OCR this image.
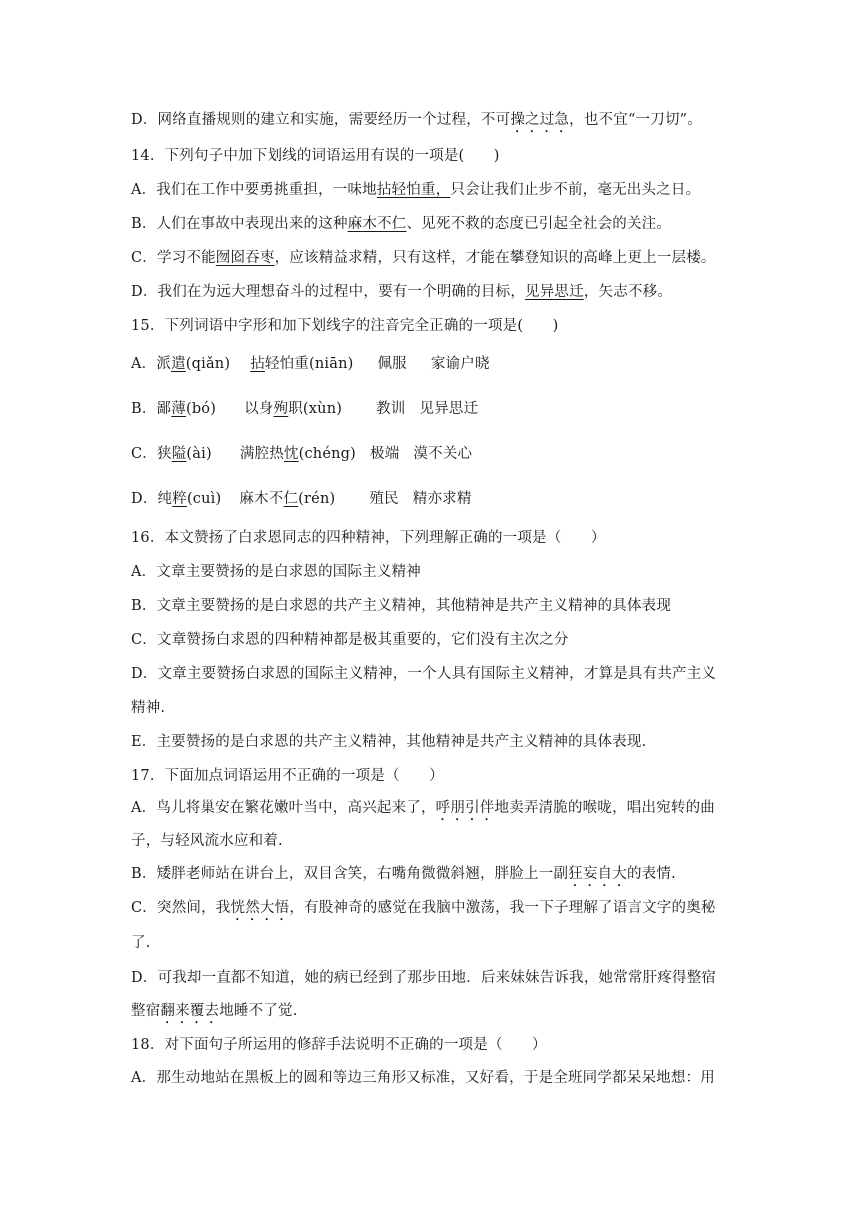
D．网络直播规则的建立和实施，需要经历一个过程，不可操之过急，也不宜“一刀切”。
14．下列句子中加下划线的词语运用有误的一项是(　　)
A．我们在工作中要勇挑重担，一味地拈轻怕重，只会让我们止步不前，毫无出头之日。
B．人们在事故中表现出来的这种麻木不仁、见死不救的态度已引起全社会的关注。
C．学习不能囫囵吞枣，应该精益求精，只有这样，才能在攀登知识的高峰上更上一层楼。
D．我们在为远大理想奋斗的过程中，要有一个明确的目标，见异思迁，矢志不移。
15．下列词语中字形和加下划线字的注音完全正确的一项是(　　)
A．派遣(qiǎn) 拈轻怕重(niān) 佩服 家谕户晓
B．鄙薄(bó) 以身殉职(xùn) 教训 见异思迁
C．狭隘(ài) 满腔热忱(chéng) 极端 漠不关心
D．纯粹(cuì) 麻木不仁(rén) 殖民 精亦求精
16．本文赞扬了白求恩同志的四种精神，下列理解正确的一项是（　　）
A．文章主要赞扬的是白求恩的国际主义精神
B．文章主要赞扬的是白求恩的共产主义精神，其他精神是共产主义精神的具体表现
C．文章赞扬白求恩的四种精神都是极其重要的，它们没有主次之分
D．文章主要赞扬白求恩的国际主义精神，一个人具有国际主义精神，才算是具有共产主义
精神.
E．主要赞扬的是白求恩的共产主义精神，其他精神是共产主义精神的具体表现.
17．下面加点词语运用不正确的一项是（　　）
A．鸟儿将巢安在繁花嫩叶当中，高兴起来了，呼朋引伴地卖弄清脆的喉咙，唱出宛转的曲
子，与轻风流水应和着.
B．矮胖老师站在讲台上，双目含笑，右嘴角微微斜翘，胖脸上一副狂妄自大的表情.
C．突然间，我恍然大悟，有股神奇的感觉在我脑中激荡，我一下子理解了语言文字的奥秘
了.
D．可我却一直都不知道，她的病已经到了那步田地．后来妹妹告诉我，她常常肝疼得整宿
整宿翻来覆去地睡不了觉.
18．对下面句子所运用的修辞手法说明不正确的一项是（　　）
A．那生动地站在黑板上的圆和等边三角形又标准，又好看，于是全班同学都呆呆地想：用
